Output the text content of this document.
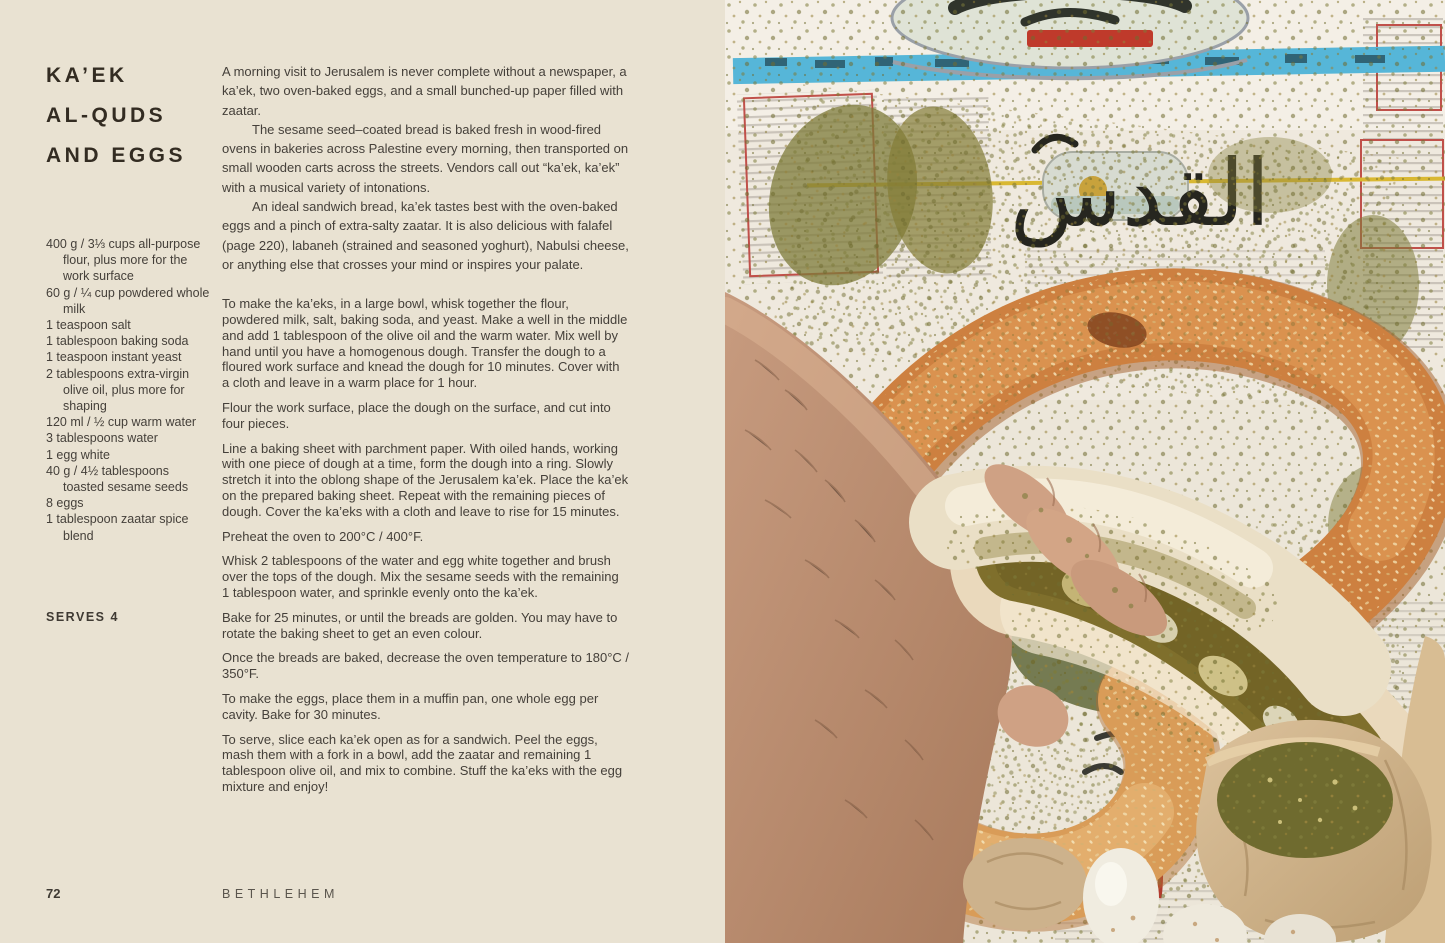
KA’EK
AL-QUDS
AND EGGS

400 g / 3⅓ cups all-purpose flour, plus more for the work surface

60 g / ¼ cup powdered whole milk

1 teaspoon salt

1 tablespoon baking soda

1 teaspoon instant yeast

2 tablespoons extra-virgin olive oil, plus more for shaping

120 ml / ½ cup warm water

3 tablespoons water

1 egg white

40 g / 4½ tablespoons toasted sesame seeds

8 eggs

1 tablespoon zaatar spice blend

SERVES 4

A morning visit to Jerusalem is never complete without a newspaper, a ka’ek, two oven-baked eggs, and a small bunched-up paper filled with zaatar.

The sesame seed–coated bread is baked fresh in wood-fired ovens in bakeries across Palestine every morning, then transported on small wooden carts across the streets. Vendors call out “ka’ek, ka’ek” with a musical variety of intonations.

An ideal sandwich bread, ka’ek tastes best with the oven-baked eggs and a pinch of extra-salty zaatar. It is also delicious with falafel (page 220), labaneh (strained and seasoned yoghurt), Nabulsi cheese, or anything else that crosses your mind or inspires your palate.

To make the ka’eks, in a large bowl, whisk together the flour, powdered milk, salt, baking soda, and yeast. Make a well in the middle and add 1 tablespoon of the olive oil and the warm water. Mix well by hand until you have a homogenous dough. Transfer the dough to a floured work surface and knead the dough for 10 minutes. Cover with a cloth and leave in a warm place for 1 hour.

Flour the work surface, place the dough on the surface, and cut into four pieces.

Line a baking sheet with parchment paper. With oiled hands, working with one piece of dough at a time, form the dough into a ring. Slowly stretch it into the oblong shape of the Jerusalem ka’ek. Place the ka’ek on the prepared baking sheet. Repeat with the remaining pieces of dough. Cover the ka’eks with a cloth and leave to rise for 15 minutes.

Preheat the oven to 200°C / 400°F.

Whisk 2 tablespoons of the water and egg white together and brush over the tops of the dough. Mix the sesame seeds with the remaining 1 tablespoon water, and sprinkle evenly onto the ka’ek.

Bake for 25 minutes, or until the breads are golden. You may have to rotate the baking sheet to get an even colour.

Once the breads are baked, decrease the oven temperature to 180°C / 350°F.

To make the eggs, place them in a muffin pan, one whole egg per cavity. Bake for 30 minutes.

To serve, slice each ka’ek open as for a sandwich. Peel the eggs, mash them with a fork in a bowl, add the zaatar and remaining 1 tablespoon olive oil, and mix to combine. Stuff the ka’eks with the egg mixture and enjoy!

72	BETHLEHEM
